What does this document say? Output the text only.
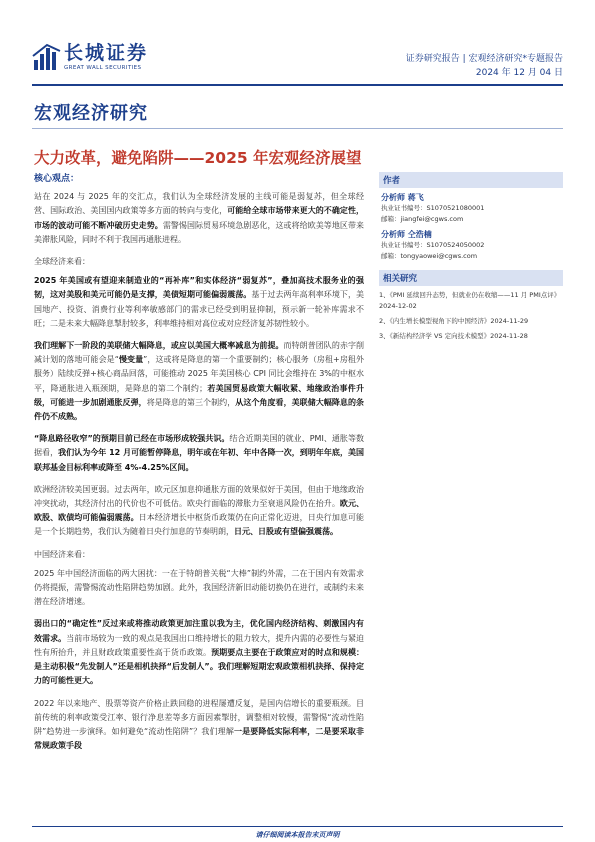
长城证券
GREAT WALL SECURITIES
证券研究报告 | 宏观经济研究*专题报告
2024 年 12 月 04 日
宏观经济研究
大力改革，避免陷阱——2025 年宏观经济展望
核心观点：

站在 2024 与 2025 年的交汇点，我们认为全球经济发展的主线可能是弱复苏，但全球经营、国际政治、美国国内政策等多方面的转向与变化，可能给全球市场带来更大的不确定性，市场的波动可能不断冲破历史走势。需警惕国际贸易环境急剧恶化，这或将给欧美等地区带来美滞胀风险，同时不利于我国再通胀进程。

全球经济来看：

2025 年美国或有望迎来制造业的“再补库”和实体经济“弱复苏”，叠加高技术服务业的强韧，这对美股和美元可能仍是支撑，美债短期可能偏弱震荡。基于过去两年高利率环境下，美国地产、投资、消费行业等利率敏感部门的需求已经受到明显抑制，预示新一轮补库需求不旺；二是未来大幅降息掣肘较多，利率维持相对高位或对应经济复苏韧性较小。

我们理解下一阶段的美联储大幅降息，或应以美国大概率减息为前提。而特朗普团队的赤字削减计划的落地可能会是“慢变量”，这或将是降息的第一个重要制约；核心服务（房租+房租外服务）陆续反弹+核心商品回落，可能推动 2025 年美国核心 CPI 同比会维持在 3%的中枢水平，降通胀进入瓶颈期，是降息的第二个制约；若美国贸易政策大幅收紧、地缘政治事件升级，可能进一步加剧通胀反弹，将是降息的第三个制约，从这个角度看，美联储大幅降息的条件仍不成熟。

“降息路径收窄”的预期目前已经在市场形成较强共识。结合近期美国的就业、PMI、通胀等数据看，我们认为今年 12 月可能暂停降息，明年或在年初、年中各降一次，到明年年底，美国联邦基金目标利率或降至 4%-4.25%区间。

欧洲经济较美国更弱。过去两年，欧元区加息抑通胀方面的效果似好于美国，但由于地缘政治冲突扰动，其经济付出的代价也不可低估。欧央行面临的滞胀力至衰退风险仍在抬升。欧元、欧股、欧债均可能偏弱震荡。日本经济增长中枢货币政策仍在向正常化迈进，日央行加息可能是一个长期趋势，我们认为随着日央行加息的节奏明朗，日元、日股或有望偏强震荡。

中国经济来看：

2025 年中国经济面临的两大困扰：一在于特朗普关税“大棒”制约外需，二在于国内有效需求仍将提振，需警惕流动性陷阱趋势加剧。此外，我国经济新旧动能切换仍在进行，或制约未来潜在经济增速。

弱出口的“确定性”反过来或将推动政策更加注重以我为主，优化国内经济结构、刺激国内有效需求。当前市场较为一致的观点是我国出口维持增长的阻力较大，提升内需的必要性与紧迫性有所抬升，并且财政政策重要性高于货币政策。预期要点主要在于政策应对的时点和规模：是主动积极“先发制人”还是相机抉择“后发制人”。我们理解短期宏观政策相机抉择、保持定力的可能性更大。

2022 年以来地产、股票等资产价格止跌回稳的进程屡遭反复，是国内信增长的重要瓶颈。目前传统的利率政策受江率、银行净息差等多方面因素掣肘，调整相对较慢，需警惕“流动性陷阱”趋势进一步演绎。如何避免“流动性陷阱”？我们理解一是要降低实际利率，二是要采取非常规政策手段

作者
分析师 蒋飞
执业证书编号：S1070521080001
邮箱：jiangfei@cgws.com
分析师 仝浩楠
执业证书编号：S1070524050002
邮箱：tongyaowei@cgws.com
相关研究
1、《PMI 延续回升态势，但就业仍在收缩——11 月 PMI点评》2024-12-02
2、《内生增长模型视角下的中国经济》2024-11-29
3、《新结构经济学 VS 定向技术模型》2024-11-28
请仔细阅读本报告末页声明
